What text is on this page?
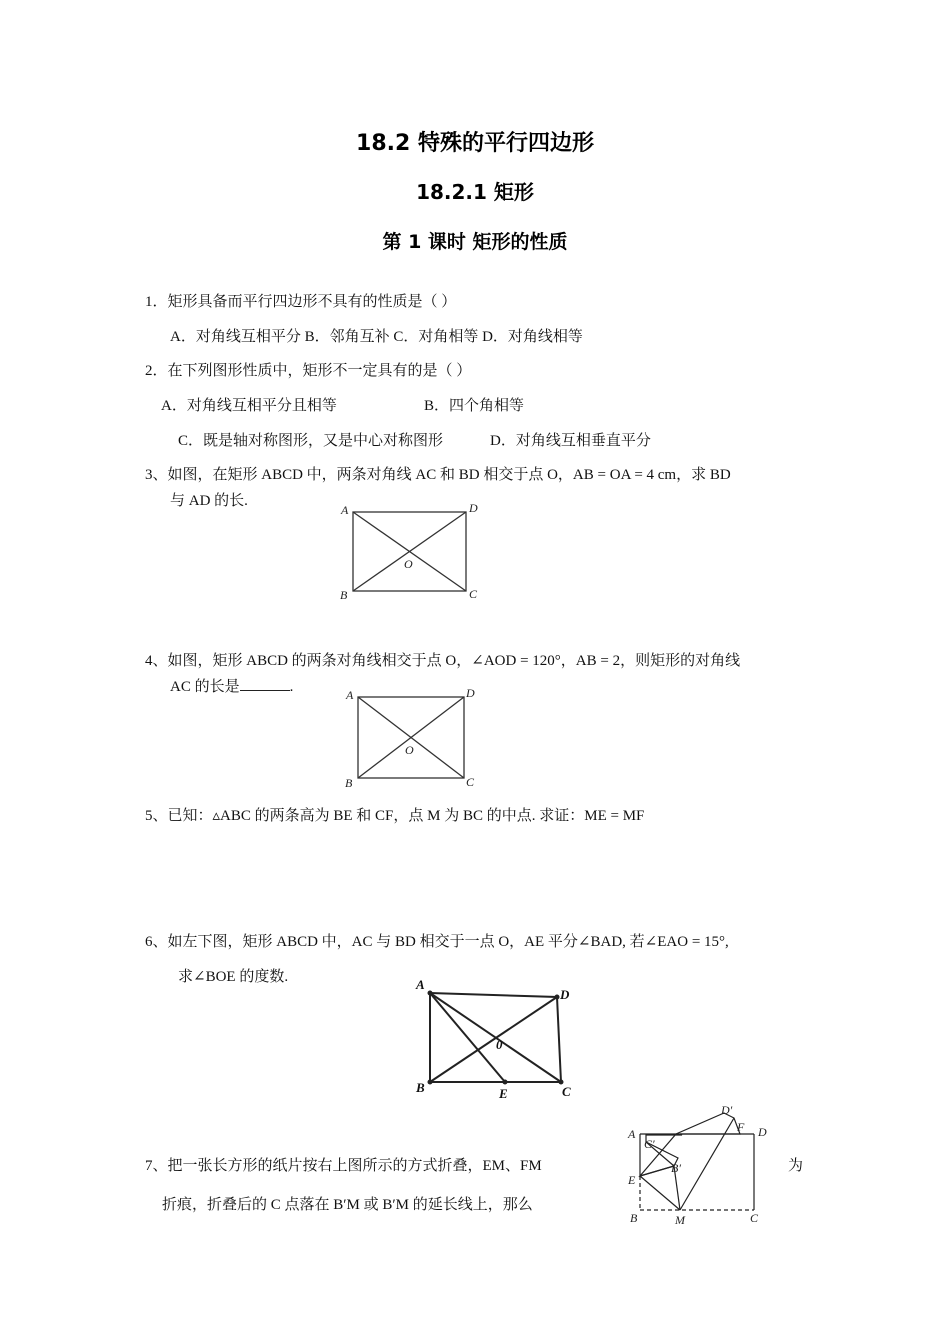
18.2 特殊的平行四边形
18.2.1 矩形
第 1 课时 矩形的性质
1．矩形具备而平行四边形不具有的性质是（ ）
A．对角线互相平分 B．邻角互补 C．对角相等 D．对角线相等
2．在下列图形性质中，矩形不一定具有的是（ ）
A．对角线互相平分且相等	B．四个角相等
C．既是轴对称图形，又是中心对称图形	D．对角线互相垂直平分
3、如图，在矩形 ABCD 中，两条对角线 AC 和 BD 相交于点 O，AB = OA = 4 cm，求 BD
与 AD 的长.
A	D
B	C
O
4、如图，矩形 ABCD 的两条对角线相交于点 O，∠AOD = 120°，AB = 2，则矩形的对角线
AC 的长是	.	A	D
B	C
O
5、已知：▵ABC 的两条高为 BE 和 CF，点 M 为 BC 的中点. 求证：ME = MF
6、如左下图，矩形 ABCD 中，AC 与 BD 相交于一点 O，AE 平分∠BAD, 若∠EAO = 15°,
求∠BOE 的度数.	A
D
B	C
E
0
7、把一张长方形的纸片按右上图所示的方式折叠，EM、FM	为
折痕，折叠后的 C 点落在 B′M 或 B′M 的延长线上，那么
A	D
B	C
E
F
M
C′
B′
D′
